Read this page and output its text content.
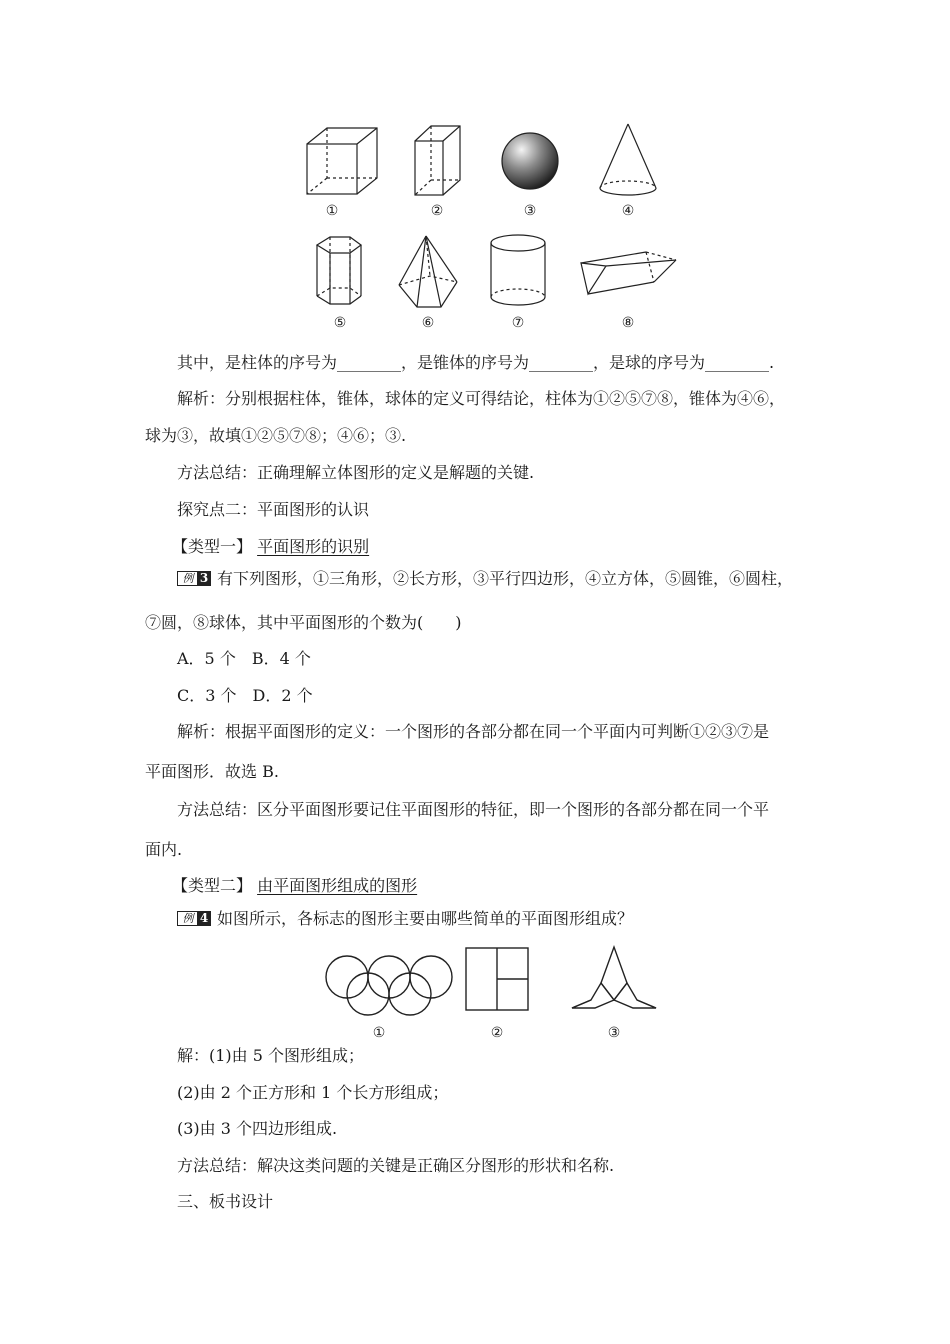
①	②	③	④
⑤	⑥	⑦	⑧
其中，是柱体的序号为________，是锥体的序号为________，是球的序号为________.
解析：分别根据柱体，锥体，球体的定义可得结论，柱体为①②⑤⑦⑧，锥体为④⑥，
球为③，故填①②⑤⑦⑧；④⑥；③.
方法总结：正确理解立体图形的定义是解题的关键.
探究点二：平面图形的认识
【类型一】 平面图形的识别
例 3 有下列图形，①三角形，②长方形，③平行四边形，④立方体，⑤圆锥，⑥圆柱，
⑦圆，⑧球体，其中平面图形的个数为(　　)
A．5 个　B．4 个
C．3 个　D．2 个
解析：根据平面图形的定义：一个图形的各部分都在同一个平面内可判断①②③⑦是
平面图形．故选 B.
方法总结：区分平面图形要记住平面图形的特征，即一个图形的各部分都在同一个平
面内.
【类型二】 由平面图形组成的图形
例 4 如图所示，各标志的图形主要由哪些简单的平面图形组成？
①	②	③
解：(1)由 5 个图形组成；
(2)由 2 个正方形和 1 个长方形组成；
(3)由 3 个四边形组成.
方法总结：解决这类问题的关键是正确区分图形的形状和名称.
三、板书设计
